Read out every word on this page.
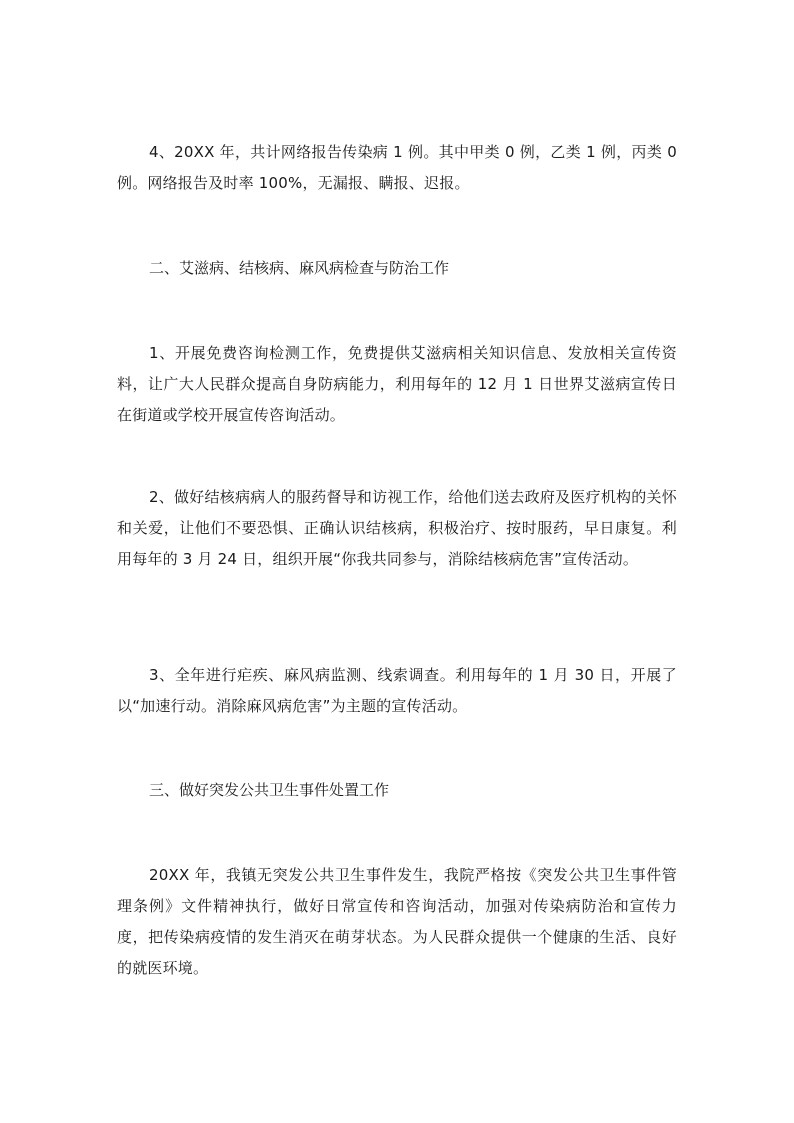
4、20XX 年，共计网络报告传染病 1 例。其中甲类 0 例，乙类 1 例，丙类 0 例。网络报告及时率 100%，无漏报、瞒报、迟报。

二、艾滋病、结核病、麻风病检查与防治工作

1、开展免费咨询检测工作，免费提供艾滋病相关知识信息、发放相关宣传资料，让广大人民群众提高自身防病能力，利用每年的 12 月 1 日世界艾滋病宣传日在街道或学校开展宣传咨询活动。

2、做好结核病病人的服药督导和访视工作，给他们送去政府及医疗机构的关怀和关爱，让他们不要恐惧、正确认识结核病，积极治疗、按时服药，早日康复。利用每年的 3 月 24 日，组织开展“你我共同参与，消除结核病危害”宣传活动。

3、全年进行疟疾、麻风病监测、线索调查。利用每年的 1 月 30 日，开展了以“加速行动。消除麻风病危害”为主题的宣传活动。

三、做好突发公共卫生事件处置工作

20XX 年，我镇无突发公共卫生事件发生，我院严格按《突发公共卫生事件管理条例》文件精神执行，做好日常宣传和咨询活动，加强对传染病防治和宣传力度，把传染病疫情的发生消灭在萌芽状态。为人民群众提供一个健康的生活、良好的就医环境。
